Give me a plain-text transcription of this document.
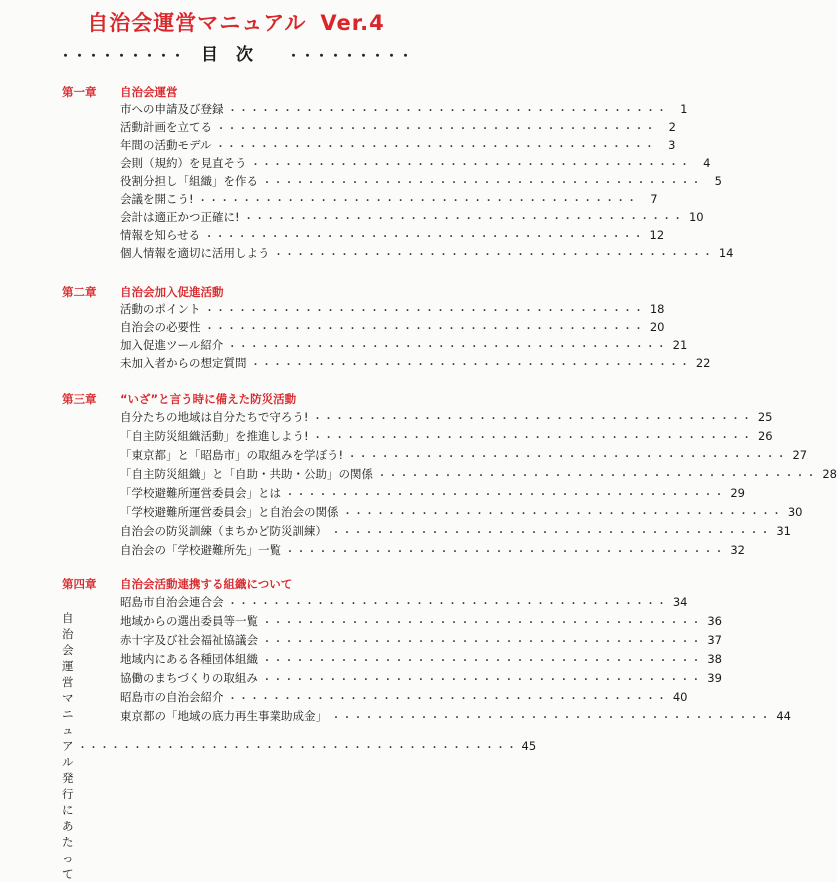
自治会運営マニュアル Ver.4
・・・・・・・・・ 目次 ・・・・・・・・・
第一章 自治会運営
市への申請及び登録 ・・・・・・・・・・・・・・・・・・・・・・・・・・・・・・・・・・・・・・・・	1
活動計画を立てる ・・・・・・・・・・・・・・・・・・・・・・・・・・・・・・・・・・・・・・・・	2
年間の活動モデル ・・・・・・・・・・・・・・・・・・・・・・・・・・・・・・・・・・・・・・・・	3
会則（規約）を見直そう ・・・・・・・・・・・・・・・・・・・・・・・・・・・・・・・・・・・・・・・・	4
役割分担し「組織」を作る ・・・・・・・・・・・・・・・・・・・・・・・・・・・・・・・・・・・・・・・・	5
会議を開こう! ・・・・・・・・・・・・・・・・・・・・・・・・・・・・・・・・・・・・・・・・	7
会計は適正かつ正確に! ・・・・・・・・・・・・・・・・・・・・・・・・・・・・・・・・・・・・・・・・ 10
情報を知らせる ・・・・・・・・・・・・・・・・・・・・・・・・・・・・・・・・・・・・・・・・ 12
個人情報を適切に活用しよう ・・・・・・・・・・・・・・・・・・・・・・・・・・・・・・・・・・・・・・・・ 14
第二章 自治会加入促進活動
活動のポイント ・・・・・・・・・・・・・・・・・・・・・・・・・・・・・・・・・・・・・・・・ 18
自治会の必要性 ・・・・・・・・・・・・・・・・・・・・・・・・・・・・・・・・・・・・・・・・ 20
加入促進ツール紹介 ・・・・・・・・・・・・・・・・・・・・・・・・・・・・・・・・・・・・・・・・ 21
未加入者からの想定質問 ・・・・・・・・・・・・・・・・・・・・・・・・・・・・・・・・・・・・・・・・ 22
第三章 “いざ”と言う時に備えた防災活動
自分たちの地域は自分たちで守ろう! ・・・・・・・・・・・・・・・・・・・・・・・・・・・・・・・・・・・・・・・・ 25
「自主防災組織活動」を推進しよう! ・・・・・・・・・・・・・・・・・・・・・・・・・・・・・・・・・・・・・・・・ 26
「東京都」と「昭島市」の取組みを学ぼう! ・・・・・・・・・・・・・・・・・・・・・・・・・・・・・・・・・・・・・・・・ 27
「自主防災組織」と「自助・共助・公助」の関係 ・・・・・・・・・・・・・・・・・・・・・・・・・・・・・・・・・・・・・・・・ 28
「学校避難所運営委員会」とは ・・・・・・・・・・・・・・・・・・・・・・・・・・・・・・・・・・・・・・・・ 29
「学校避難所運営委員会」と自治会の関係 ・・・・・・・・・・・・・・・・・・・・・・・・・・・・・・・・・・・・・・・・ 30
自治会の防災訓練（まちかど防災訓練） ・・・・・・・・・・・・・・・・・・・・・・・・・・・・・・・・・・・・・・・・ 31
自治会の「学校避難所先」一覧 ・・・・・・・・・・・・・・・・・・・・・・・・・・・・・・・・・・・・・・・・ 32
第四章 自治会活動連携する組織について
昭島市自治会連合会 ・・・・・・・・・・・・・・・・・・・・・・・・・・・・・・・・・・・・・・・・ 34
地域からの選出委員等一覧 ・・・・・・・・・・・・・・・・・・・・・・・・・・・・・・・・・・・・・・・・ 36
赤十字及び社会福祉協議会 ・・・・・・・・・・・・・・・・・・・・・・・・・・・・・・・・・・・・・・・・ 37
地域内にある各種団体組織 ・・・・・・・・・・・・・・・・・・・・・・・・・・・・・・・・・・・・・・・・ 38
協働のまちづくりの取組み ・・・・・・・・・・・・・・・・・・・・・・・・・・・・・・・・・・・・・・・・ 39
昭島市の自治会紹介 ・・・・・・・・・・・・・・・・・・・・・・・・・・・・・・・・・・・・・・・・ 40
東京都の「地域の底力再生事業助成金」 ・・・・・・・・・・・・・・・・・・・・・・・・・・・・・・・・・・・・・・・・ 44
自治会運営マニュアル発行にあたって
・・・・・・・・・・・・・・・・・・・・・・・・・・・・・・・・・・・・・・・・ 45
